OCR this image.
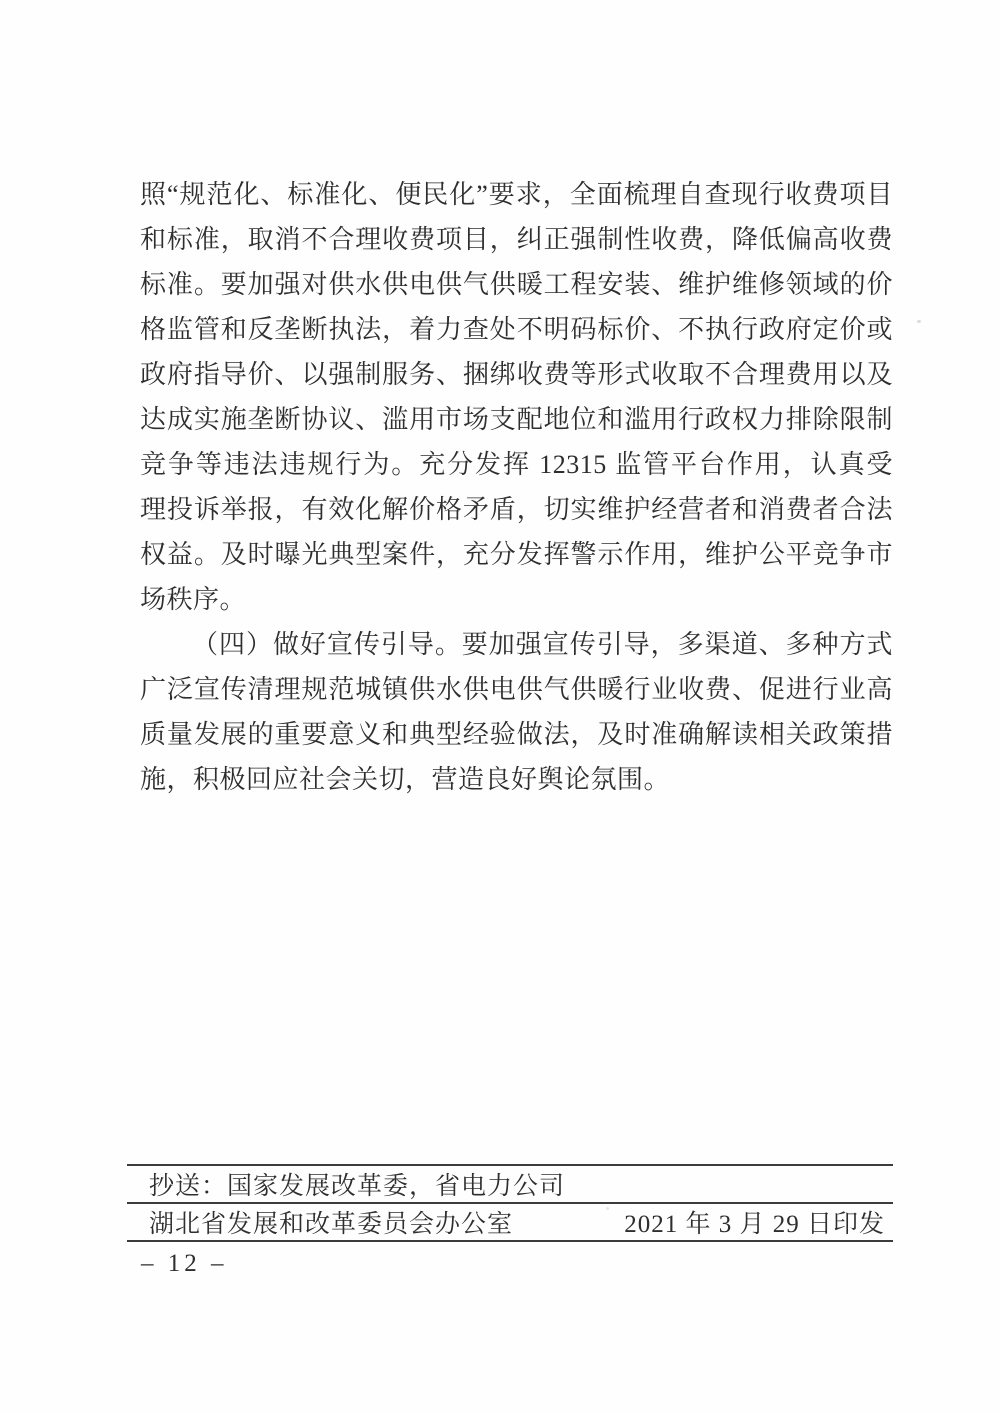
照“规范化、标准化、便民化”要求，全面梳理自查现行收费项目
和标准，取消不合理收费项目，纠正强制性收费，降低偏高收费
标准。要加强对供水供电供气供暖工程安装、维护维修领域的价
格监管和反垄断执法，着力查处不明码标价、不执行政府定价或
政府指导价、以强制服务、捆绑收费等形式收取不合理费用以及
达成实施垄断协议、滥用市场支配地位和滥用行政权力排除限制
竞争等违法违规行为。充分发挥 12315 监管平台作用，认真受
理投诉举报，有效化解价格矛盾，切实维护经营者和消费者合法
权益。及时曝光典型案件，充分发挥警示作用，维护公平竞争市
场秩序。
（四）做好宣传引导。要加强宣传引导，多渠道、多种方式
广泛宣传清理规范城镇供水供电供气供暖行业收费、促进行业高
质量发展的重要意义和典型经验做法，及时准确解读相关政策措
施，积极回应社会关切，营造良好舆论氛围。
抄送：国家发展改革委，省电力公司
湖北省发展和改革委员会办公室	2021 年 3 月 29 日印发
– 12 –
